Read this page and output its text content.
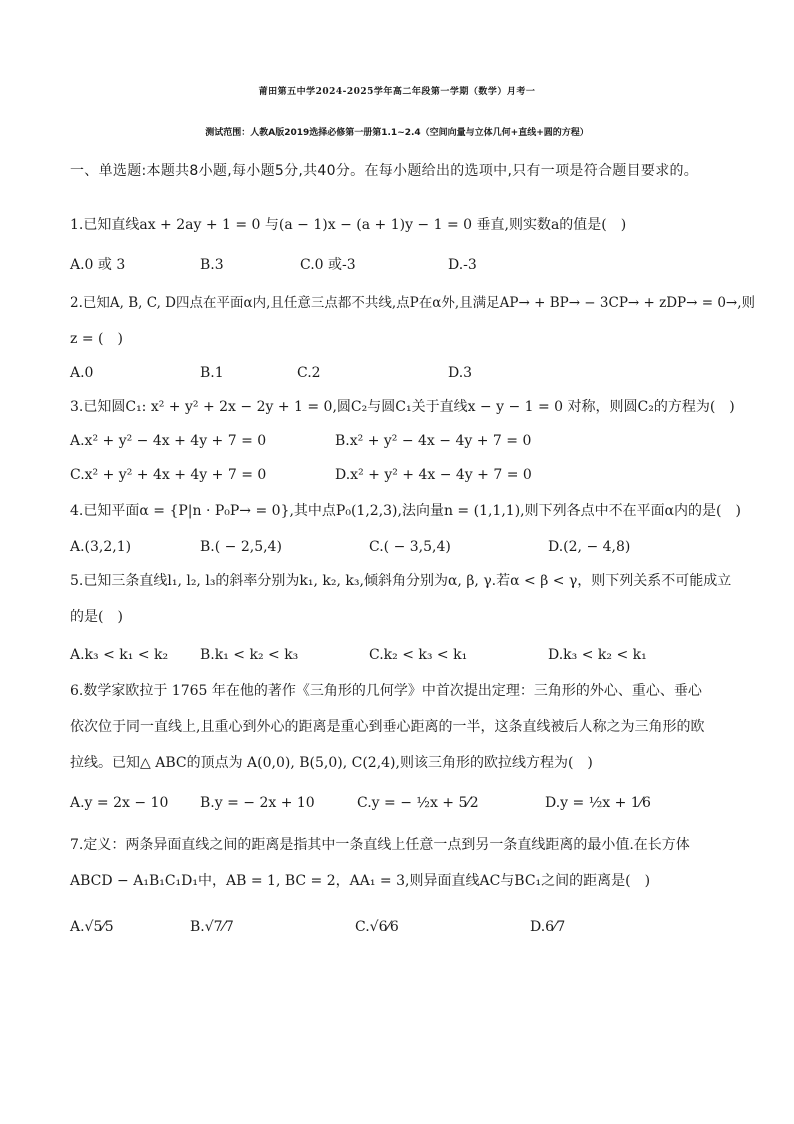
莆田第五中学2024-2025学年高二年段第一学期（数学）月考一
测试范围：人教A版2019选择必修第一册第1.1~2.4（空间向量与立体几何+直线+圆的方程）
一、单选题:本题共8小题,每小题5分,共40分。在每小题给出的选项中,只有一项是符合题目要求的。
1.已知直线ax + 2ay + 1 = 0 与(a − 1)x − (a + 1)y − 1 = 0 垂直,则实数a的值是(　)
A.0 或 3	B.3	C.0 或-3	D.-3
2.已知A, B, C, D四点在平面α内,且任意三点都不共线,点P在α外,且满足AP→ + BP→ − 3CP→ + zDP→ = 0→,则
z = (　)
A.0	B.1	C.2	D.3
3.已知圆C₁: x² + y² + 2x − 2y + 1 = 0,圆C₂与圆C₁关于直线x − y − 1 = 0 对称，则圆C₂的方程为(　)
A.x² + y² − 4x + 4y + 7 = 0	B.x² + y² − 4x − 4y + 7 = 0
C.x² + y² + 4x + 4y + 7 = 0	D.x² + y² + 4x − 4y + 7 = 0
4.已知平面α = {P|n · P₀P→ = 0},其中点P₀(1,2,3),法向量n = (1,1,1),则下列各点中不在平面α内的是(　)
A.(3,2,1)	B.( − 2,5,4)	C.( − 3,5,4)	D.(2, − 4,8)
5.已知三条直线l₁, l₂, l₃的斜率分别为k₁, k₂, k₃,倾斜角分别为α, β, γ.若α < β < γ，则下列关系不可能成立
的是(　)
A.k₃ < k₁ < k₂ B.k₁ < k₂ < k₃	C.k₂ < k₃ < k₁	D.k₃ < k₂ < k₁
6.数学家欧拉于 1765 年在他的著作《三角形的几何学》中首次提出定理：三角形的外心、重心、垂心
依次位于同一直线上,且重心到外心的距离是重心到垂心距离的一半，这条直线被后人称之为三角形的欧
拉线。已知△ ABC的顶点为 A(0,0), B(5,0), C(2,4),则该三角形的欧拉线方程为(　)
A.y = 2x − 10 B.y = − 2x + 10	C.y = − ½x + 5⁄2	D.y = ½x + 1⁄6
7.定义：两条异面直线之间的距离是指其中一条直线上任意一点到另一条直线距离的最小值.在长方体
ABCD − A₁B₁C₁D₁中，AB = 1, BC = 2，AA₁ = 3,则异面直线AC与BC₁之间的距离是(　)
A.√5⁄5	B.√7⁄7	C.√6⁄6	D.6⁄7
